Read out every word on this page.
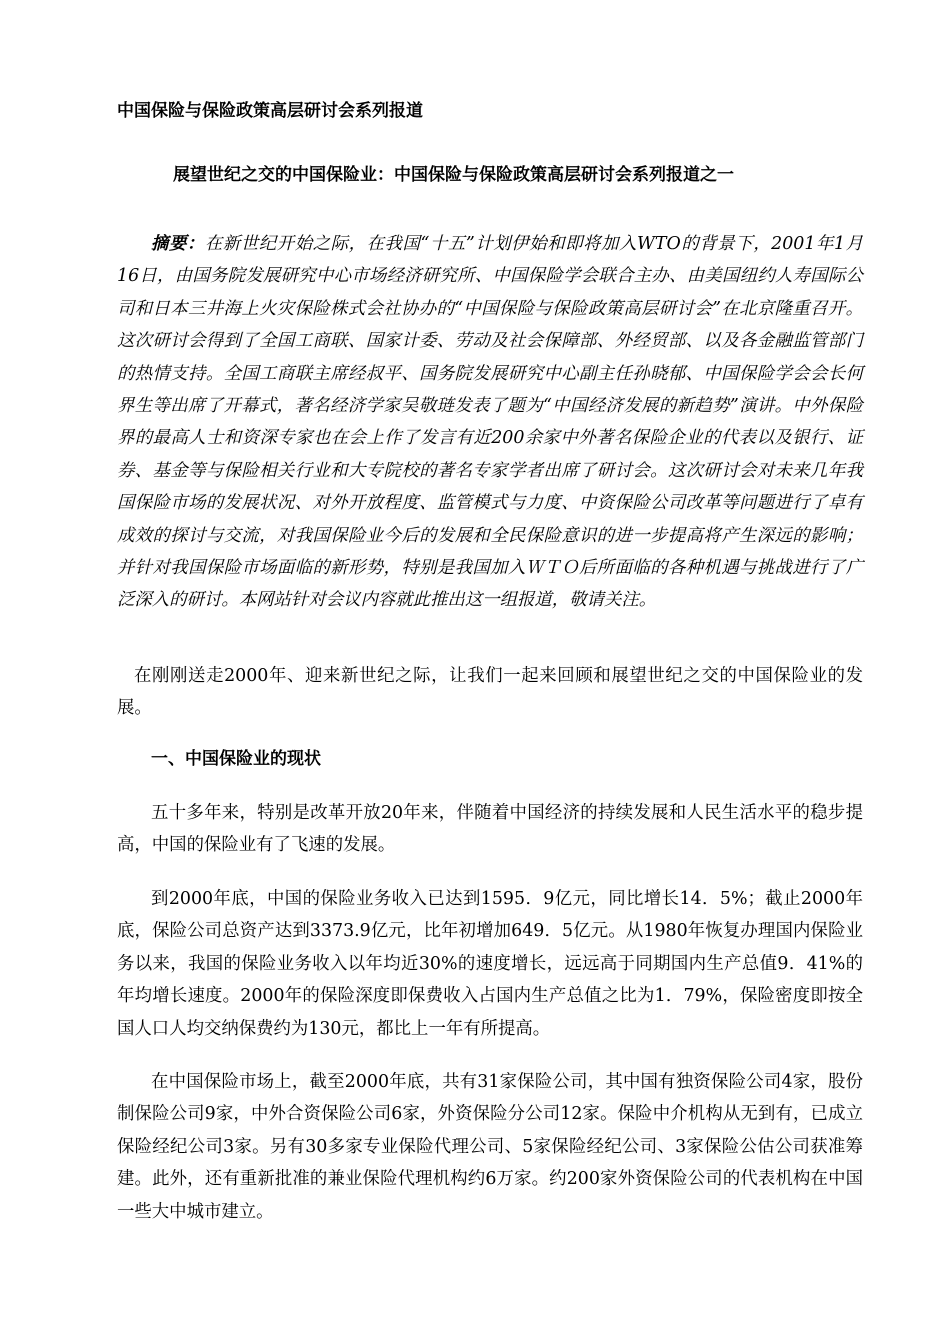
中国保险与保险政策高层研讨会系列报道
展望世纪之交的中国保险业：中国保险与保险政策高层研讨会系列报道之一

摘要：在新世纪开始之际，在我国“十五”计划伊始和即将加入WTO的背景下，2001年1月16日，由国务院发展研究中心市场经济研究所、中国保险学会联合主办、由美国纽约人寿国际公司和日本三井海上火灾保险株式会社协办的“中国保险与保险政策高层研讨会”在北京隆重召开。这次研讨会得到了全国工商联、国家计委、劳动及社会保障部、外经贸部、以及各金融监管部门的热情支持。全国工商联主席经叔平、国务院发展研究中心副主任孙晓郁、中国保险学会会长何界生等出席了开幕式，著名经济学家吴敬琏发表了题为“中国经济发展的新趋势”演讲。中外保险界的最高人士和资深专家也在会上作了发言有近200余家中外著名保险企业的代表以及银行、证券、基金等与保险相关行业和大专院校的著名专家学者出席了研讨会。这次研讨会对未来几年我国保险市场的发展状况、对外开放程度、监管模式与力度、中资保险公司改革等问题进行了卓有成效的探讨与交流，对我国保险业今后的发展和全民保险意识的进一步提高将产生深远的影响；并针对我国保险市场面临的新形势，特别是我国加入ＷＴＯ后所面临的各种机遇与挑战进行了广泛深入的研讨。本网站针对会议内容就此推出这一组报道，敬请关注。

在刚刚送走2000年、迎来新世纪之际，让我们一起来回顾和展望世纪之交的中国保险业的发展。

一、中国保险业的现状

五十多年来，特别是改革开放20年来，伴随着中国经济的持续发展和人民生活水平的稳步提高，中国的保险业有了飞速的发展。

到2000年底，中国的保险业务收入已达到1595．9亿元，同比增长14．5%；截止2000年底，保险公司总资产达到3373.9亿元，比年初增加649．5亿元。从1980年恢复办理国内保险业务以来，我国的保险业务收入以年均近30%的速度增长，远远高于同期国内生产总值9．41%的年均增长速度。2000年的保险深度即保费收入占国内生产总值之比为1．79%，保险密度即按全国人口人均交纳保费约为130元，都比上一年有所提高。

在中国保险市场上，截至2000年底，共有31家保险公司，其中国有独资保险公司4家，股份制保险公司9家，中外合资保险公司6家，外资保险分公司12家。保险中介机构从无到有，已成立保险经纪公司3家。另有30多家专业保险代理公司、5家保险经纪公司、3家保险公估公司获准筹建。此外，还有重新批准的兼业保险代理机构约6万家。约200家外资保险公司的代表机构在中国一些大中城市建立。
